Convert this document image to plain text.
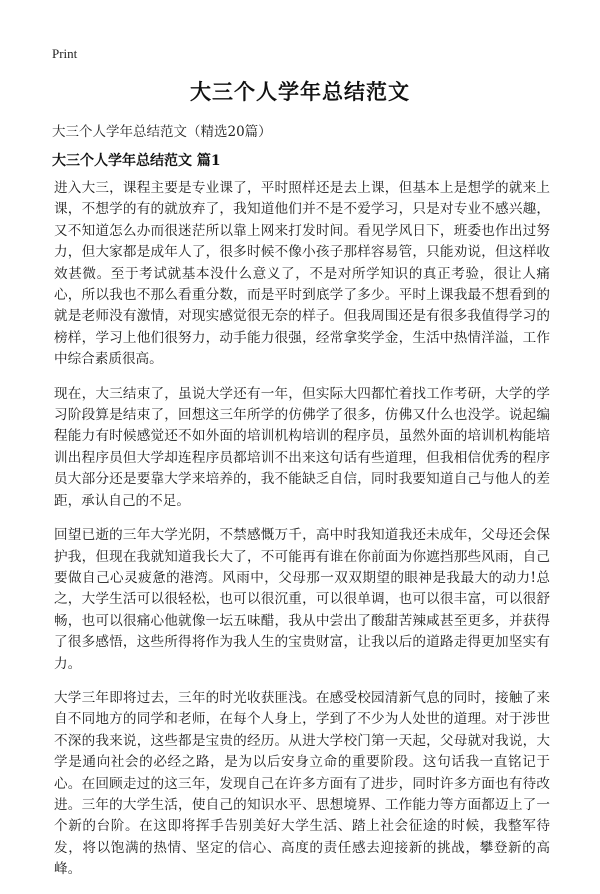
Print
大三个人学年总结范文

大三个人学年总结范文（精选20篇）

大三个人学年总结范文 篇1

进入大三，课程主要是专业课了，平时照样还是去上课，但基本上是想学的就来上课，不想学的有的就放弃了，我知道他们并不是不爱学习，只是对专业不感兴趣，又不知道怎么办而很迷茫所以靠上网来打发时间。看见学风日下，班委也作出过努力，但大家都是成年人了，很多时候不像小孩子那样容易管，只能劝说，但这样收效甚微。至于考试就基本没什么意义了，不是对所学知识的真正考验，很让人痛心，所以我也不那么看重分数，而是平时到底学了多少。平时上课我最不想看到的就是老师没有激情，对现实感觉很无奈的样子。但我周围还是有很多我值得学习的榜样，学习上他们很努力，动手能力很强，经常拿奖学金，生活中热情洋溢，工作中综合素质很高。

现在，大三结束了，虽说大学还有一年，但实际大四都忙着找工作考研，大学的学习阶段算是结束了，回想这三年所学的仿佛学了很多，仿佛又什么也没学。说起编程能力有时候感觉还不如外面的培训机构培训的程序员，虽然外面的培训机构能培训出程序员但大学却连程序员都培训不出来这句话有些道理，但我相信优秀的程序员大部分还是要靠大学来培养的，我不能缺乏自信，同时我要知道自己与他人的差距，承认自己的不足。

回望已逝的三年大学光阴，不禁感慨万千，高中时我知道我还未成年，父母还会保护我，但现在我就知道我长大了，不可能再有谁在你前面为你遮挡那些风雨，自己要做自己心灵疲惫的港湾。风雨中，父母那一双双期望的眼神是我最大的动力!总之，大学生活可以很轻松，也可以很沉重，可以很单调，也可以很丰富，可以很舒畅，也可以很痛心他就像一坛五味醋，我从中尝出了酸甜苦辣咸甚至更多，并获得了很多感悟，这些所得将作为我人生的宝贵财富，让我以后的道路走得更加坚实有力。

大学三年即将过去，三年的时光收获匪浅。在感受校园清新气息的同时，接触了来自不同地方的同学和老师，在每个人身上，学到了不少为人处世的道理。对于涉世不深的我来说，这些都是宝贵的经历。从进大学校门第一天起，父母就对我说，大学是通向社会的必经之路，是为以后安身立命的重要阶段。这句话我一直铭记于心。在回顾走过的这三年，发现自己在许多方面有了进步，同时许多方面也有待改进。三年的大学生活，使自己的知识水平、思想境界、工作能力等方面都迈上了一个新的台阶。在这即将挥手告别美好大学生活、踏上社会征途的时候，我整军待发，将以饱满的热情、坚定的信心、高度的责任感去迎接新的挑战，攀登新的高峰。
